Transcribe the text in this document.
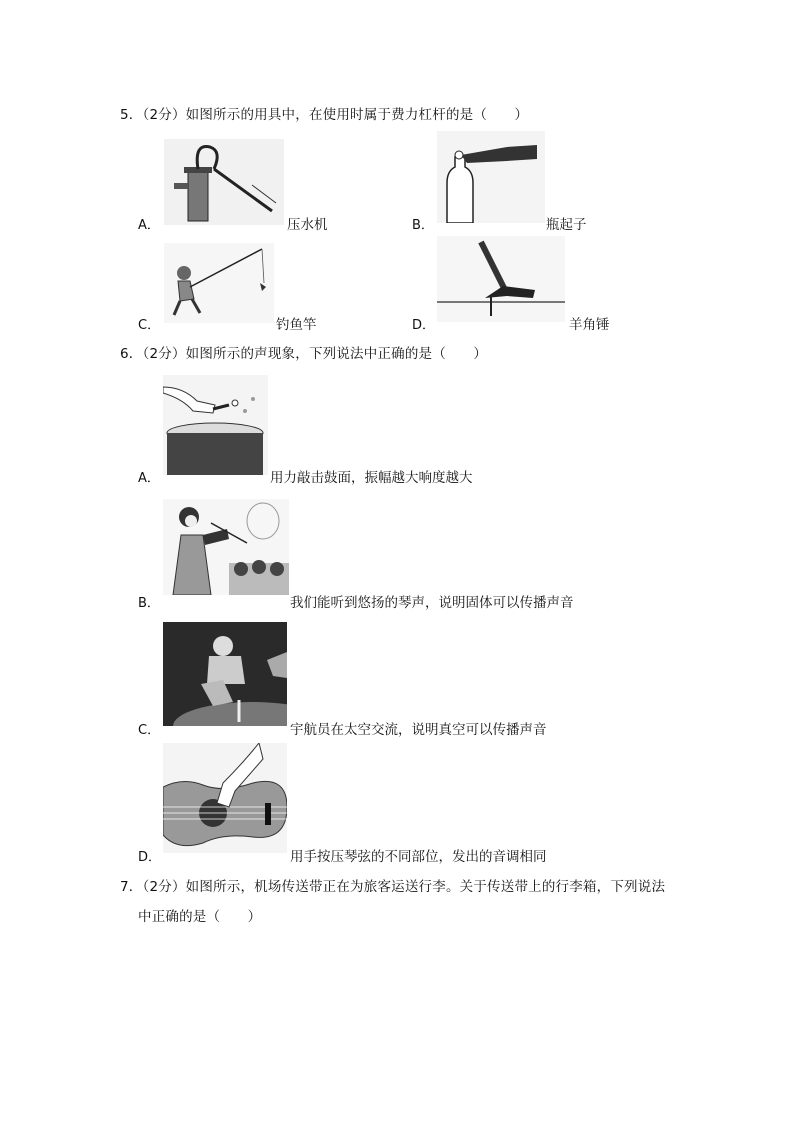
5．（2分）如图所示的用具中，在使用时属于费力杠杆的是（　　）
A．	压水机	B．	瓶起子
C．	钓鱼竿	D．	羊角锤
6．（2分）如图所示的声现象，下列说法中正确的是（　　）
A．	用力敲击鼓面，振幅越大响度越大
B．	我们能听到悠扬的琴声，说明固体可以传播声音
C．	宇航员在太空交流，说明真空可以传播声音
D．	用手按压琴弦的不同部位，发出的音调相同
7．（2分）如图所示，机场传送带正在为旅客运送行李。关于传送带上的行李箱，下列说法
中正确的是（　　）
